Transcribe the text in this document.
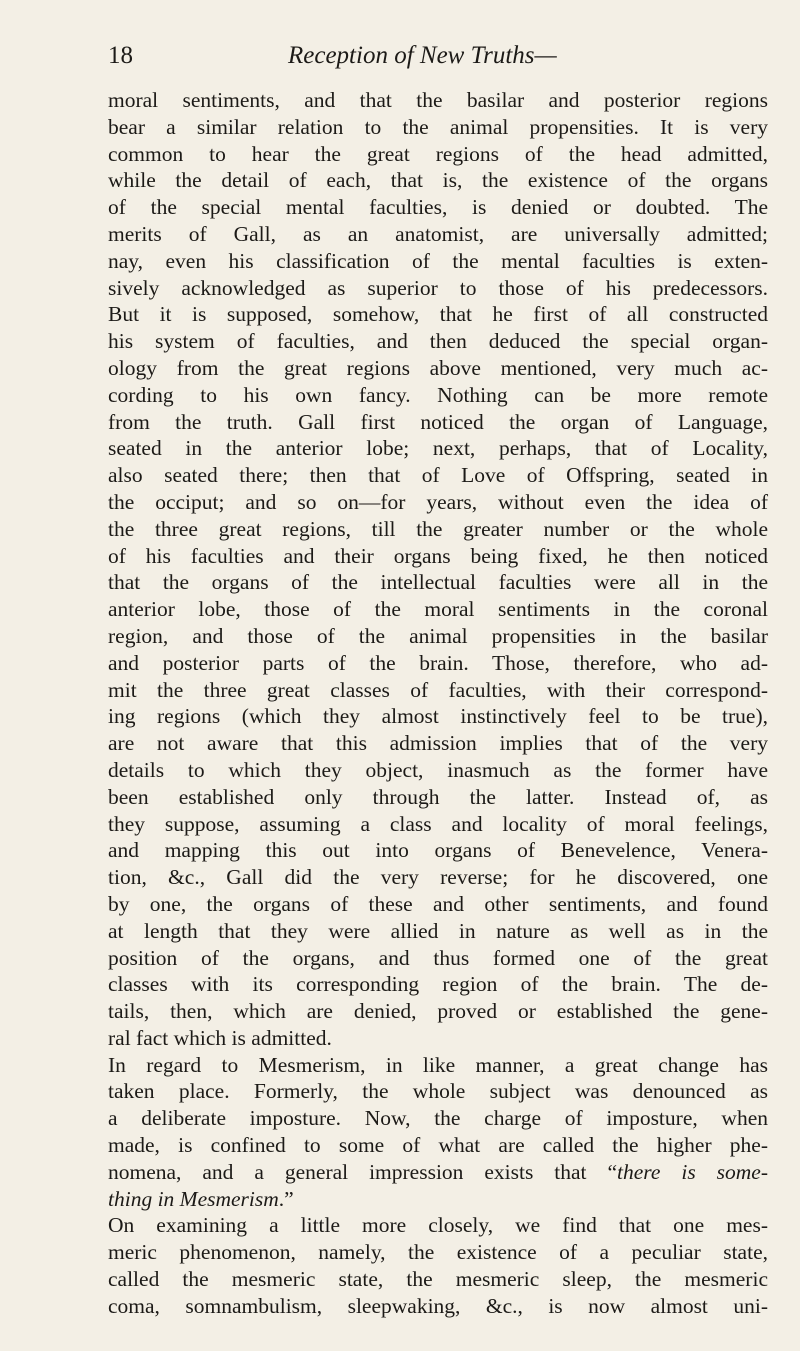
18	Reception of New Truths—
moral sentiments, and that the basilar and posterior regions
bear a similar relation to the animal propensities. It is very
common to hear the great regions of the head admitted,
while the detail of each, that is, the existence of the organs
of the special mental faculties, is denied or doubted. The
merits of Gall, as an anatomist, are universally admitted;
nay, even his classification of the mental faculties is exten-
sively acknowledged as superior to those of his predecessors.
But it is supposed, somehow, that he first of all constructed
his system of faculties, and then deduced the special organ-
ology from the great regions above mentioned, very much ac-
cording to his own fancy. Nothing can be more remote
from the truth. Gall first noticed the organ of Language,
seated in the anterior lobe; next, perhaps, that of Locality,
also seated there; then that of Love of Offspring, seated in
the occiput; and so on—for years, without even the idea of
the three great regions, till the greater number or the whole
of his faculties and their organs being fixed, he then noticed
that the organs of the intellectual faculties were all in the
anterior lobe, those of the moral sentiments in the coronal
region, and those of the animal propensities in the basilar
and posterior parts of the brain. Those, therefore, who ad-
mit the three great classes of faculties, with their correspond-
ing regions (which they almost instinctively feel to be true),
are not aware that this admission implies that of the very
details to which they object, inasmuch as the former have
been established only through the latter. Instead of, as
they suppose, assuming a class and locality of moral feelings,
and mapping this out into organs of Benevelence, Venera-
tion, &c., Gall did the very reverse; for he discovered, one
by one, the organs of these and other sentiments, and found
at length that they were allied in nature as well as in the
position of the organs, and thus formed one of the great
classes with its corresponding region of the brain. The de-
tails, then, which are denied, proved or established the gene-
ral fact which is admitted.
In regard to Mesmerism, in like manner, a great change has
taken place. Formerly, the whole subject was denounced as
a deliberate imposture. Now, the charge of imposture, when
made, is confined to some of what are called the higher phe-
nomena, and a general impression exists that “there is some-
thing in Mesmerism.”
On examining a little more closely, we find that one mes-
meric phenomenon, namely, the existence of a peculiar state,
called the mesmeric state, the mesmeric sleep, the mesmeric
coma, somnambulism, sleepwaking, &c., is now almost uni-
